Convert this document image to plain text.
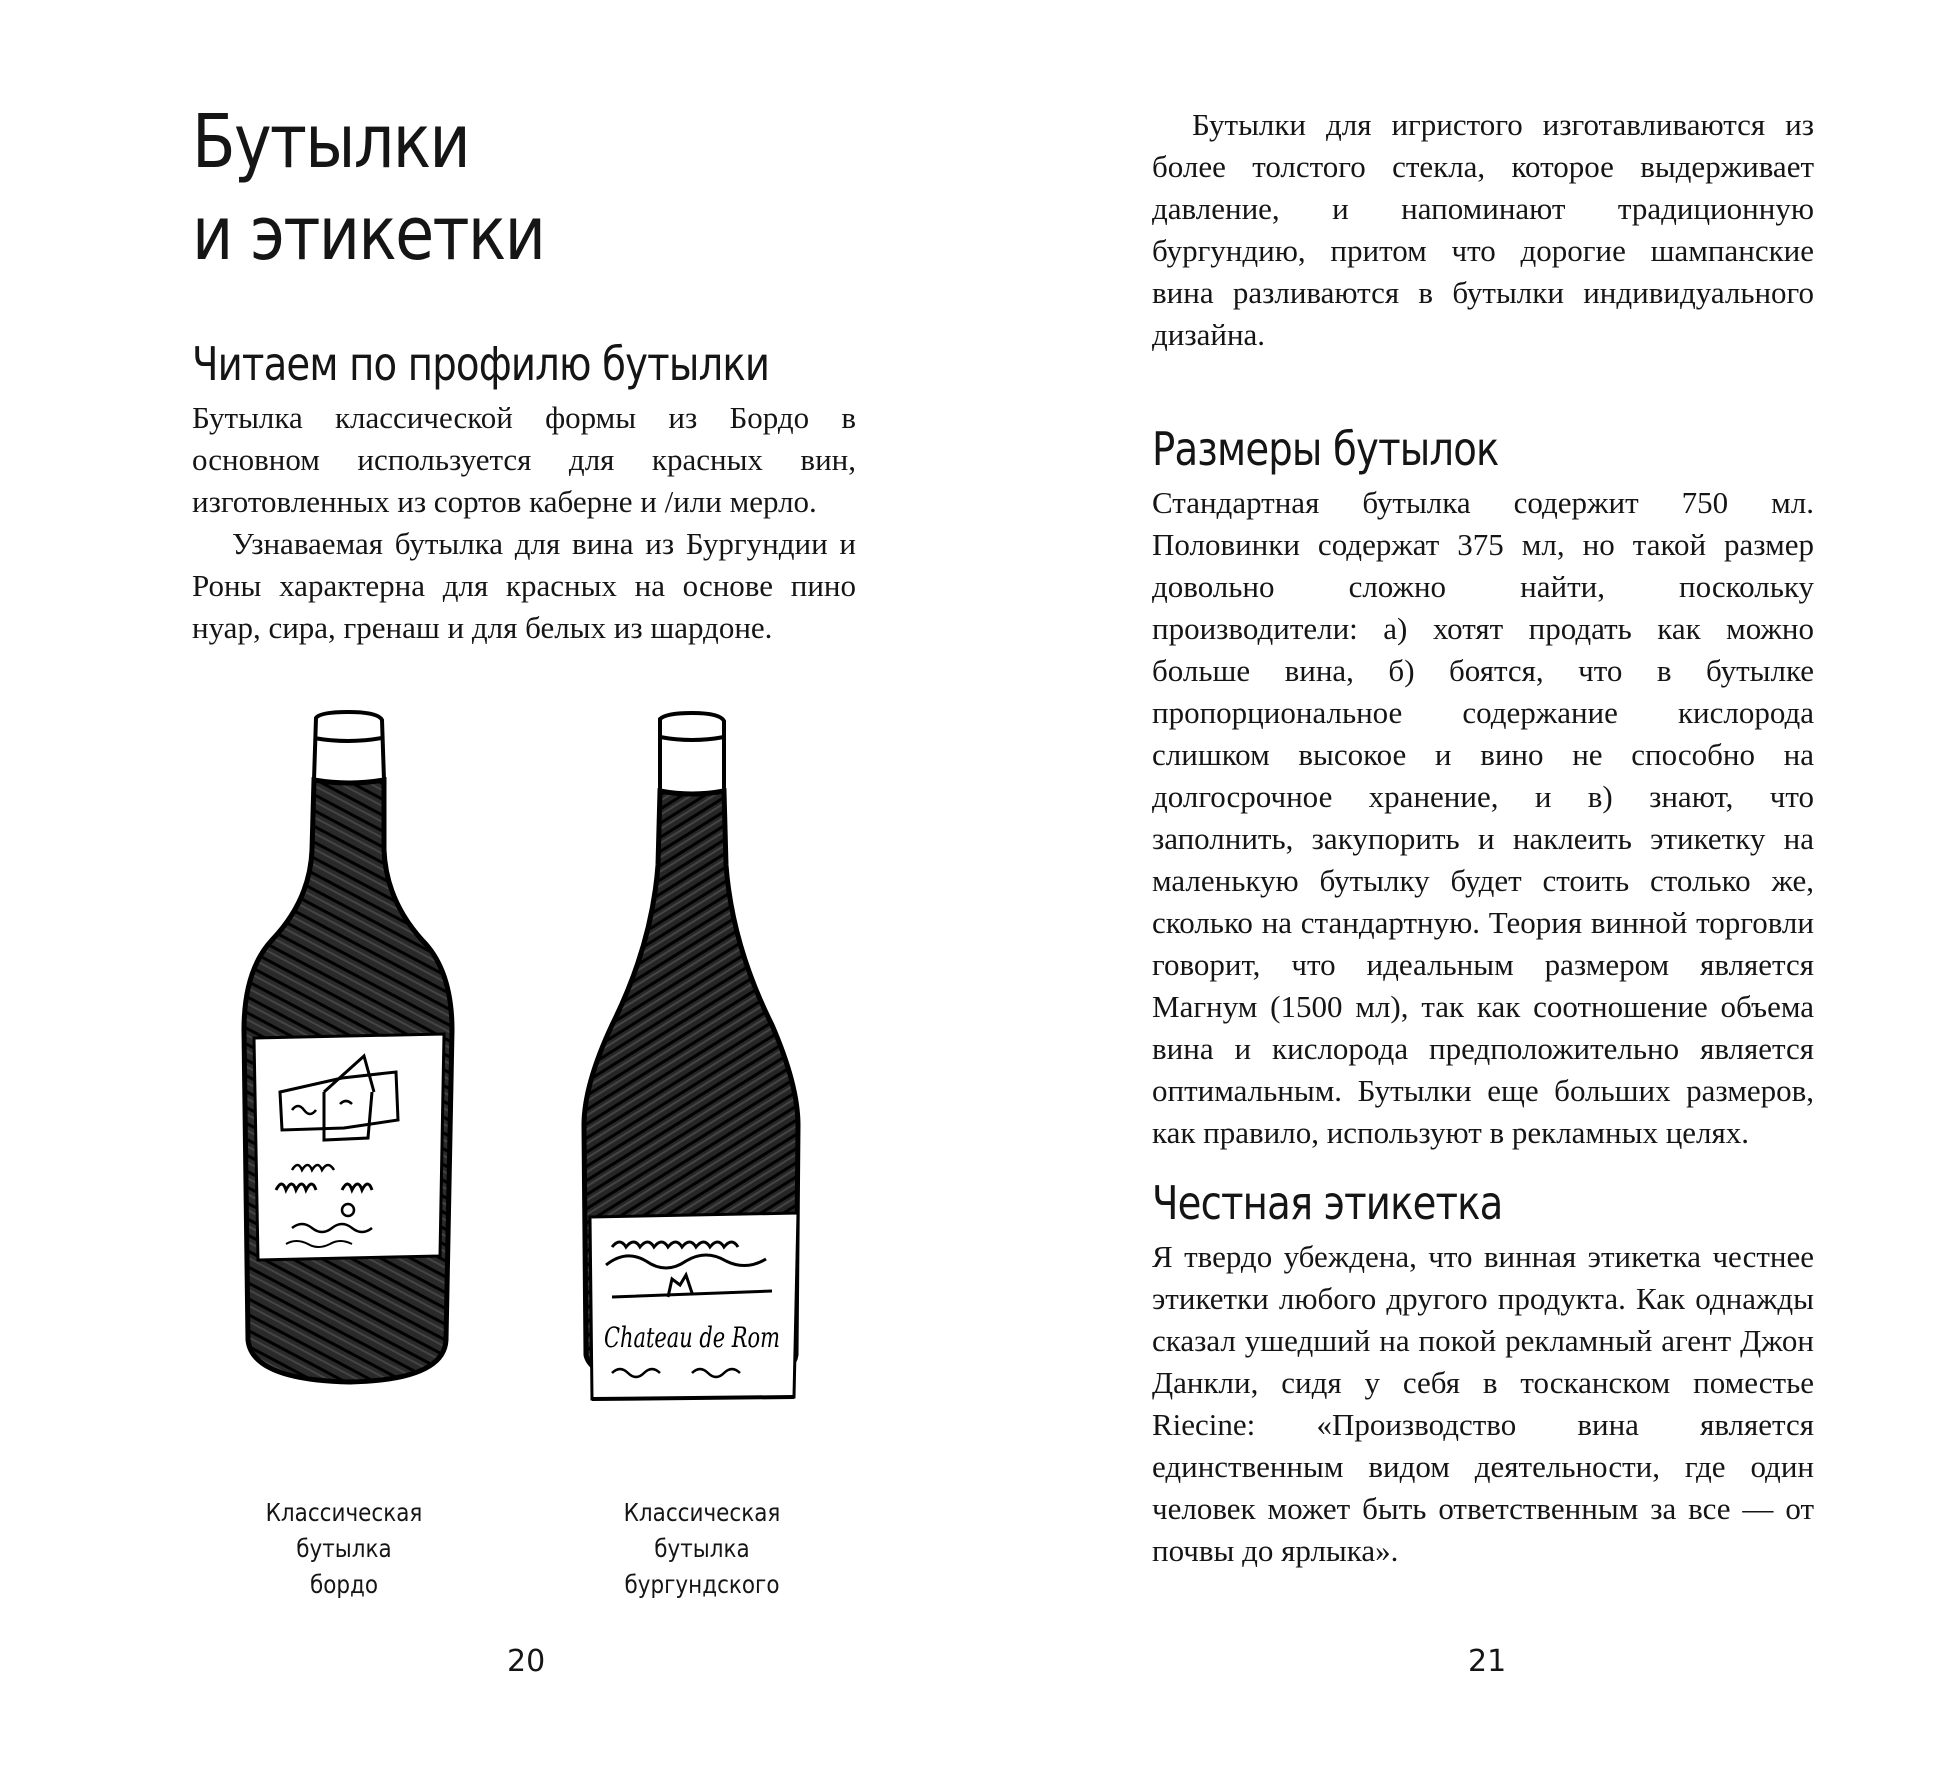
Бутылки
и этикетки
Читаем по профилю бутылки

Бутылка классической формы из Бордо в основном используется для красных вин, изготовленных из сортов каберне и /или мерло.

Узнаваемая бутылка для вина из Бургундии и Роны характерна для красных на основе пино нуар, сира, гренаш и для белых из шардоне.

Chateau de Rom
Классическая бутылка
бордо
Классическая бутылка
бургундского
20

Бутылки для игристого изготавливаются из более толстого стекла, которое выдерживает давление, и напоминают традиционную бургундию, притом что дорогие шампанские вина разливаются в бутылки индивидуального дизайна.

Размеры бутылок

Стандартная бутылка содержит 750 мл. Половинки содержат 375 мл, но такой размер довольно сложно найти, поскольку производители: а) хотят продать как можно больше вина, б) боятся, что в бутылке пропорциональное содержание кислорода слишком высокое и вино не способно на долгосрочное хранение, и в) знают, что заполнить, закупорить и наклеить этикетку на маленькую бутылку будет стоить столько же, сколько на стандартную. Теория винной торговли говорит, что идеальным размером является Магнум (1500 мл), так как соотношение объема вина и кислорода предположительно является оптимальным. Бутылки еще больших размеров, как правило, используют в рекламных целях.

Честная этикетка

Я твердо убеждена, что винная этикетка честнее этикетки любого другого продукта. Как однажды сказал ушедший на покой рекламный агент Джон Данкли, сидя у себя в тосканском поместье Riecine: «Производство вина является единственным видом деятельности, где один человек может быть ответственным за все — от почвы до ярлыка».

21
